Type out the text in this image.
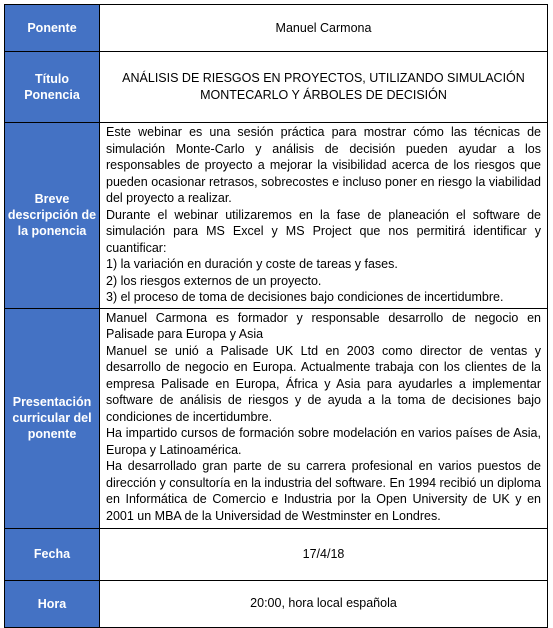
Ponente	Manuel Carmona
Título Ponencia	ANÁLISIS DE RIESGOS EN PROYECTOS, UTILIZANDO SIMULACIÓN MONTECARLO Y ÁRBOLES DE DECISIÓN
Breve descripción de la ponencia	Este webinar es una sesión práctica para mostrar cómo las técnicas de simulación Monte-Carlo y análisis de decisión pueden ayudar a los responsables de proyecto a mejorar la visibilidad acerca de los riesgos que pueden ocasionar retrasos, sobrecostes e incluso poner en riesgo la viabilidad del proyecto a realizar.

Durante el webinar utilizaremos en la fase de planeación el software de simulación para MS Excel y MS Project que nos permitirá identificar y cuantificar:

1) la variación en duración y coste de tareas y fases.

2) los riesgos externos de un proyecto.

3) el proceso de toma de decisiones bajo condiciones de incertidumbre.

Presentación curricular del ponente	Manuel Carmona es formador y responsable desarrollo de negocio en Palisade para Europa y Asia

Manuel se unió a Palisade UK Ltd en 2003 como director de ventas y desarrollo de negocio en Europa. Actualmente trabaja con los clientes de la empresa Palisade en Europa, África y Asia para ayudarles a implementar software de análisis de riesgos y de ayuda a la toma de decisiones bajo condiciones de incertidumbre.

Ha impartido cursos de formación sobre modelación en varios países de Asia, Europa y Latinoamérica.

Ha desarrollado gran parte de su carrera profesional en varios puestos de dirección y consultoría en la industria del software. En 1994 recibió un diploma en Informática de Comercio e Industria por la Open University de UK y en 2001 un MBA de la Universidad de Westminster en Londres.

Fecha	17/4/18
Hora	20:00, hora local española
